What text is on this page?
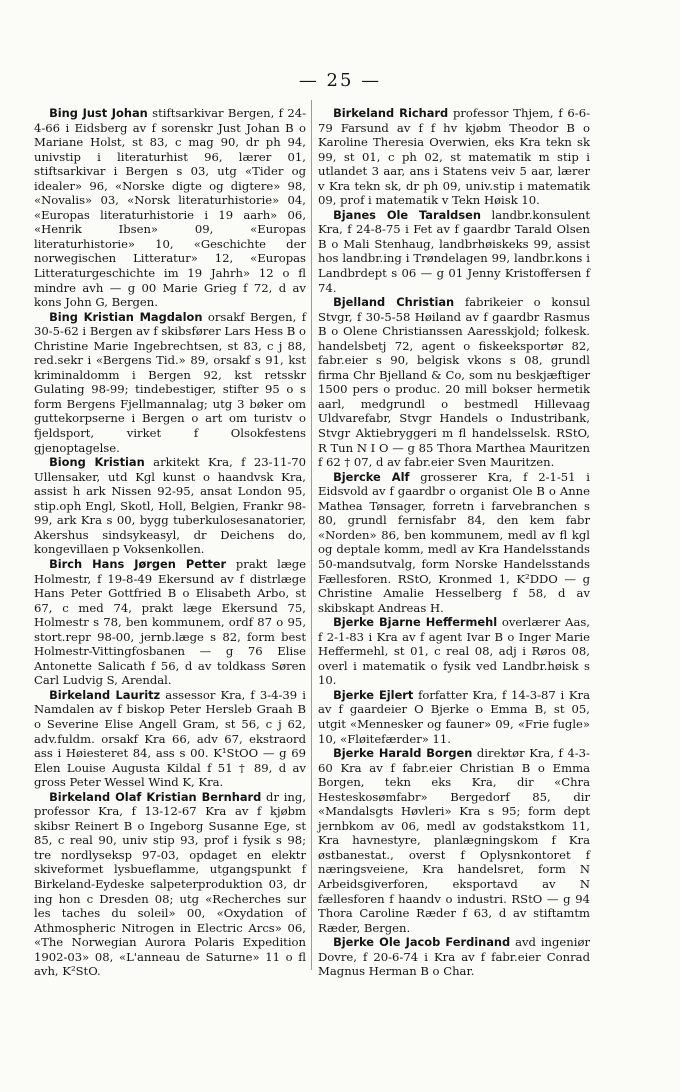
— 25 —

Bing Just Johan stiftsarkivar Bergen, f 24-4-66 i Eidsberg av f sorenskr Just Johan B o Mariane Holst, st 83, c mag 90, dr ph 94, univstip i literaturhist 96, lærer 01, stiftsarkivar i Bergen s 03, utg «Tider og idealer» 96, «Norske digte og digtere» 98, «Novalis» 03, «Norsk literaturhistorie» 04, «Europas literaturhistorie i 19 aarh» 06, «Henrik Ibsen» 09, «Europas literaturhistorie» 10, «Geschichte der norwegischen Litteratur» 12, «Europas Litteraturgeschichte im 19 Jahrh» 12 o fl mindre avh — g 00 Marie Grieg f 72, d av kons John G, Bergen.

Bing Kristian Magdalon orsakf Bergen, f 30-5-62 i Bergen av f skibsfører Lars Hess B o Christine Marie Ingebrechtsen, st 83, c j 88, red.sekr i «Bergens Tid.» 89, orsakf s 91, kst kriminaldomm i Bergen 92, kst retsskr Gulating 98-99; tindebestiger, stifter 95 o s form Bergens Fjellmannalag; utg 3 bøker om guttekorpserne i Bergen o art om turistv o fjeldsport, virket f Olsokfestens gjenoptagelse.

Biong Kristian arkitekt Kra, f 23-11-70 Ullensaker, utd Kgl kunst o haandvsk Kra, assist h ark Nissen 92-95, ansat London 95, stip.oph Engl, Skotl, Holl, Belgien, Frankr 98-99, ark Kra s 00, bygg tuberkulosesanatorier, Akershus sindsykeasyl, dr Deichens do, kongevillaen p Voksenkollen.

Birch Hans Jørgen Petter prakt læge Holmestr, f 19-8-49 Ekersund av f distrlæge Hans Peter Gottfried B o Elisabeth Arbo, st 67, c med 74, prakt læge Ekersund 75, Holmestr s 78, ben kommunem, ordf 87 o 95, stort.repr 98-00, jernb.læge s 82, form best Holmestr-Vittingfosbanen — g 76 Elise Antonette Salicath f 56, d av toldkass Søren Carl Ludvig S, Arendal.

Birkeland Lauritz assessor Kra, f 3-4-39 i Namdalen av f biskop Peter Hersleb Graah B o Severine Elise Angell Gram, st 56, c j 62, adv.fuldm. orsakf Kra 66, adv 67, ekstraord ass i Høiesteret 84, ass s 00. K¹StOO — g 69 Elen Louise Augusta Kildal f 51 † 89, d av gross Peter Wessel Wind K, Kra.

Birkeland Olaf Kristian Bernhard dr ing, professor Kra, f 13-12-67 Kra av f kjøbm skibsr Reinert B o Ingeborg Susanne Ege, st 85, c real 90, univ stip 93, prof i fysik s 98; tre nordlyseksp 97-03, opdaget en elektr skiveformet lysbueflamme, utgangspunkt f Birkeland-Eydeske salpeterproduktion 03, dr ing hon c Dresden 08; utg «Recherches sur les taches du soleil» 00, «Oxydation of Athmospheric Nitrogen in Electric Arcs» 06, «The Norwegian Aurora Polaris Expedition 1902-03» 08, «L'anneau de Saturne» 11 o fl avh, K²StO.

Birkeland Richard professor Thjem, f 6-6-79 Farsund av f f hv kjøbm Theodor B o Karoline Theresia Overwien, eks Kra tekn sk 99, st 01, c ph 02, st matematik m stip i utlandet 3 aar, ans i Statens veiv 5 aar, lærer v Kra tekn sk, dr ph 09, univ.stip i matematik 09, prof i matematik v Tekn Høisk 10.

Bjanes Ole Taraldsen landbr.konsulent Kra, f 24-8-75 i Fet av f gaardbr Tarald Olsen B o Mali Stenhaug, landbrhøiskeks 99, assist hos landbr.ing i Trøndelagen 99, landbr.kons i Landbrdept s 06 — g 01 Jenny Kristoffersen f 74.

Bjelland Christian fabrikeier o konsul Stvgr, f 30-5-58 Høiland av f gaardbr Rasmus B o Olene Christianssen Aaresskjold; folkesk. handelsbetj 72, agent o fiskeeksportør 82, fabr.eier s 90, belgisk vkons s 08, grundl firma Chr Bjelland & Co, som nu beskjæftiger 1500 pers o produc. 20 mill bokser hermetik aarl, medgrundl o bestmedl Hillevaag Uldvarefabr, Stvgr Handels o Industribank, Stvgr Aktiebryggeri m fl handelsselsk. RStO, R Tun N I O — g 85 Thora Marthea Mauritzen f 62 † 07, d av fabr.eier Sven Mauritzen.

Bjercke Alf grosserer Kra, f 2-1-51 i Eidsvold av f gaardbr o organist Ole B o Anne Mathea Tønsager, forretn i farvebranchen s 80, grundl fernisfabr 84, den kem fabr «Norden» 86, ben kommunem, medl av fl kgl og deptale komm, medl av Kra Handelsstands 50-mandsutvalg, form Norske Handelsstands Fællesforen. RStO, Kronmed 1, K²DDO — g Christine Amalie Hesselberg f 58, d av skibskapt Andreas H.

Bjerke Bjarne Heffermehl overlærer Aas, f 2-1-83 i Kra av f agent Ivar B o Inger Marie Heffermehl, st 01, c real 08, adj i Røros 08, overl i matematik o fysik ved Landbr.høisk s 10.

Bjerke Ejlert forfatter Kra, f 14-3-87 i Kra av f gaardeier O Bjerke o Emma B, st 05, utgit «Mennesker og fauner» 09, «Frie fugle» 10, «Fløitefærder» 11.

Bjerke Harald Borgen direktør Kra, f 4-3-60 Kra av f fabr.eier Christian B o Emma Borgen, tekn eks Kra, dir «Chra Hesteskosømfabr» Bergedorf 85, dir «Mandalsgts Høvleri» Kra s 95; form dept jernbkom av 06, medl av godstakstkom 11, Kra havnestyre, planlægningskom f Kra østbanestat., overst f Oplysnkontoret f næringsveiene, Kra handelsret, form N Arbeidsgiverforen, eksportavd av N fællesforen f haandv o industri. RStO — g 94 Thora Caroline Ræder f 63, d av stiftamtm Ræder, Bergen.

Bjerke Ole Jacob Ferdinand avd ingeniør Dovre, f 20-6-74 i Kra av f fabr.eier Conrad Magnus Herman B o Char.
